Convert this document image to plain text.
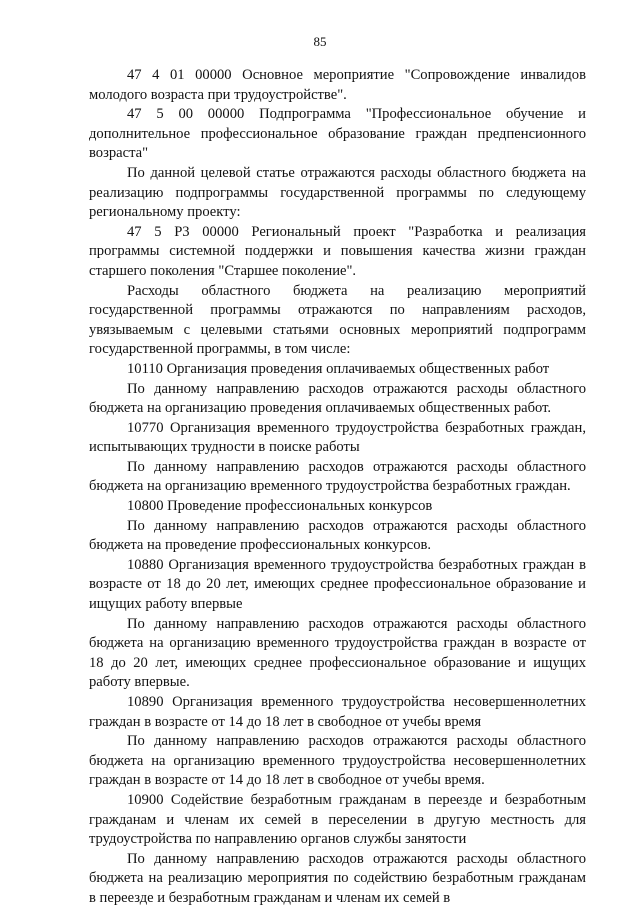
85

47 4 01 00000 Основное мероприятие "Сопровождение инвалидов молодого возраста при трудоустройстве".

47 5 00 00000 Подпрограмма "Профессиональное обучение и дополнительное профессиональное образование граждан предпенсионного возраста"

По данной целевой статье отражаются расходы областного бюджета на реализацию подпрограммы государственной программы по следующему региональному проекту:

47 5 P3 00000 Региональный проект "Разработка и реализация программы системной поддержки и повышения качества жизни граждан старшего поколения "Старшее поколение".

Расходы областного бюджета на реализацию мероприятий государственной программы отражаются по направлениям расходов, увязываемым с целевыми статьями основных мероприятий подпрограмм государственной программы, в том числе:

10110 Организация проведения оплачиваемых общественных работ

По данному направлению расходов отражаются расходы областного бюджета на организацию проведения оплачиваемых общественных работ.

10770 Организация временного трудоустройства безработных граждан, испытывающих трудности в поиске работы

По данному направлению расходов отражаются расходы областного бюджета на организацию временного трудоустройства безработных граждан.

10800 Проведение профессиональных конкурсов

По данному направлению расходов отражаются расходы областного бюджета на проведение профессиональных конкурсов.

10880 Организация временного трудоустройства безработных граждан в возрасте от 18 до 20 лет, имеющих среднее профессиональное образование и ищущих работу впервые

По данному направлению расходов отражаются расходы областного бюджета на организацию временного трудоустройства граждан в возрасте от 18 до 20 лет, имеющих среднее профессиональное образование и ищущих работу впервые.

10890 Организация временного трудоустройства несовершеннолетних граждан в возрасте от 14 до 18 лет в свободное от учебы время

По данному направлению расходов отражаются расходы областного бюджета на организацию временного трудоустройства несовершеннолетних граждан в возрасте от 14 до 18 лет в свободное от учебы время.

10900 Содействие безработным гражданам в переезде и безработным гражданам и членам их семей в переселении в другую местность для трудоустройства по направлению органов службы занятости

По данному направлению расходов отражаются расходы областного бюджета на реализацию мероприятия по содействию безработным гражданам в переезде и безработным гражданам и членам их семей в
